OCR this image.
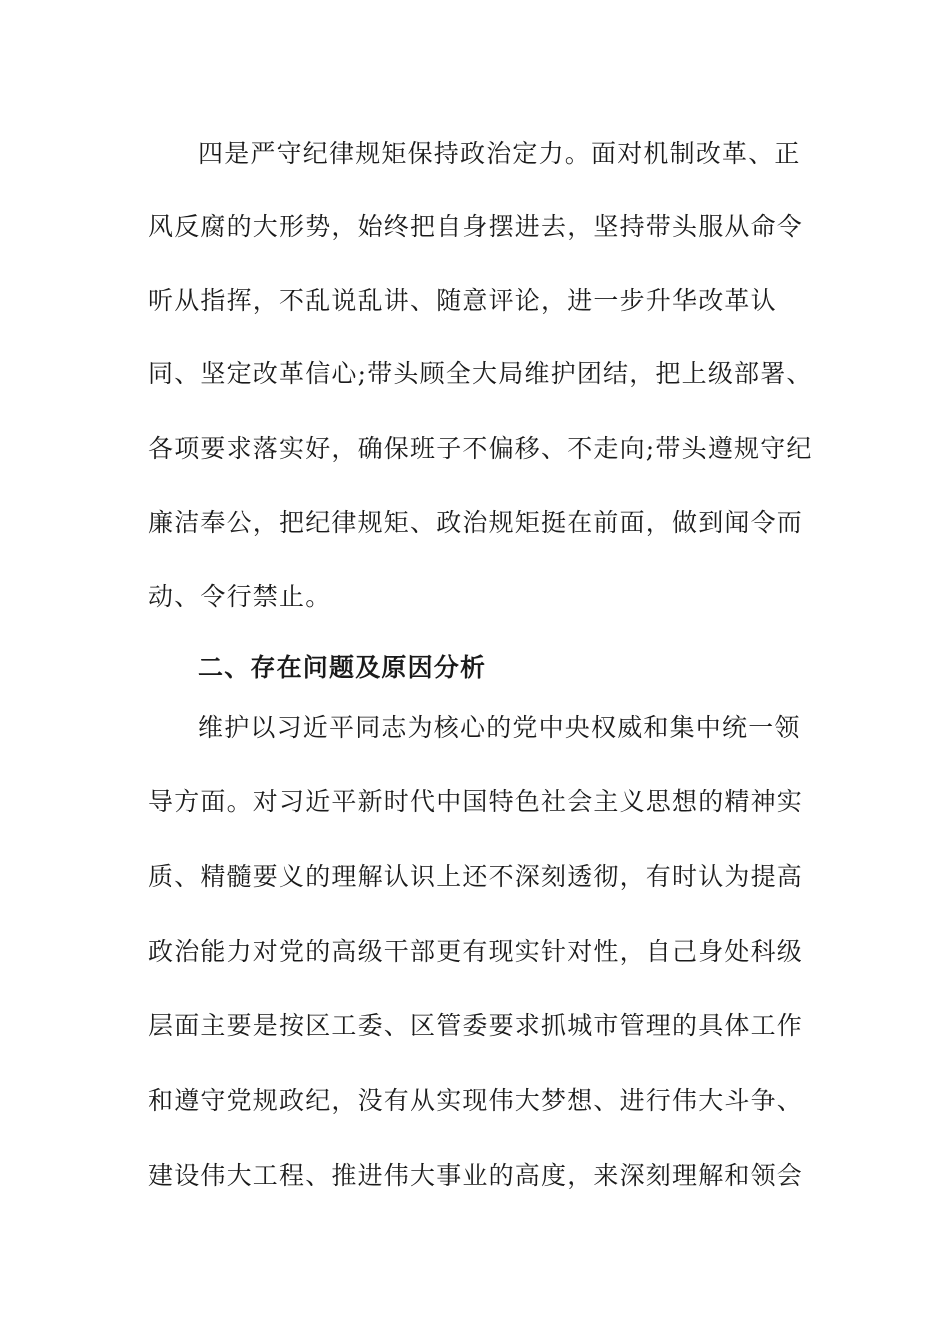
四是严守纪律规矩保持政治定力。面对机制改革、正
风反腐的大形势，始终把自身摆进去，坚持带头服从命令
听从指挥，不乱说乱讲、随意评论，进一步升华改革认
同、坚定改革信心;带头顾全大局维护团结，把上级部署、
各项要求落实好，确保班子不偏移、不走向;带头遵规守纪
廉洁奉公，把纪律规矩、政治规矩挺在前面，做到闻令而
动、令行禁止。
二、存在问题及原因分析
维护以习近平同志为核心的党中央权威和集中统一领
导方面。对习近平新时代中国特色社会主义思想的精神实
质、精髓要义的理解认识上还不深刻透彻，有时认为提高
政治能力对党的高级干部更有现实针对性，自己身处科级
层面主要是按区工委、区管委要求抓城市管理的具体工作
和遵守党规政纪，没有从实现伟大梦想、进行伟大斗争、
建设伟大工程、推进伟大事业的高度，来深刻理解和领会
